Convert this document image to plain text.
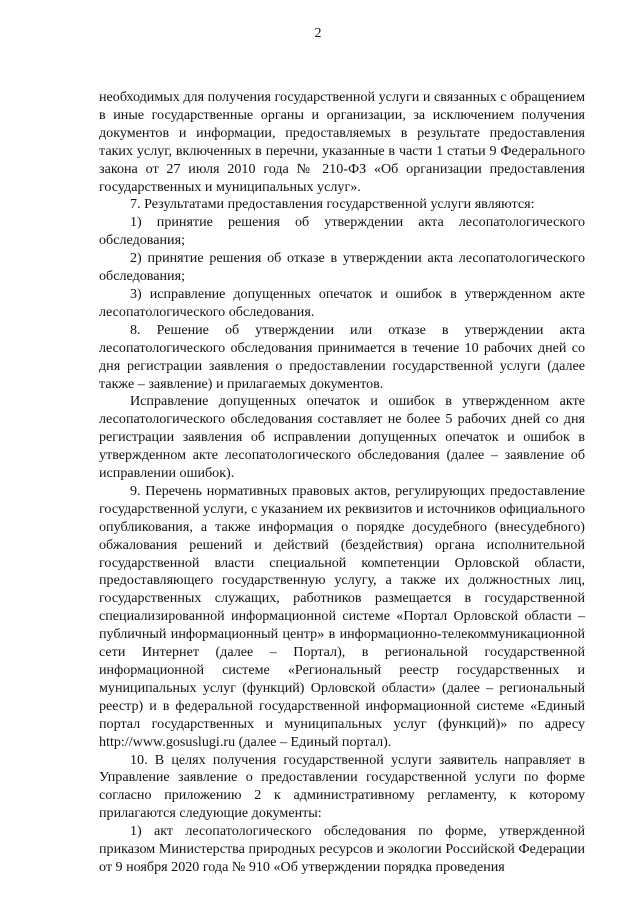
2

необходимых для получения государственной услуги и связанных с обращением в иные государственные органы и организации, за исключением получения документов и информации, предоставляемых в результате предоставления таких услуг, включенных в перечни, указанные в части 1 статьи 9 Федерального закона от 27 июля 2010 года № 210-ФЗ «Об организации предоставления государственных и муниципальных услуг».

7. Результатами предоставления государственной услуги являются:

1) принятие решения об утверждении акта лесопатологического обследования;

2) принятие решения об отказе в утверждении акта лесопатологического обследования;

3) исправление допущенных опечаток и ошибок в утвержденном акте лесопатологического обследования.

8. Решение об утверждении или отказе в утверждении акта лесопатологического обследования принимается в течение 10 рабочих дней со дня регистрации заявления о предоставлении государственной услуги (далее также – заявление) и прилагаемых документов.

Исправление допущенных опечаток и ошибок в утвержденном акте лесопатологического обследования составляет не более 5 рабочих дней со дня регистрации заявления об исправлении допущенных опечаток и ошибок в утвержденном акте лесопатологического обследования (далее – заявление об исправлении ошибок).

9. Перечень нормативных правовых актов, регулирующих предоставление государственной услуги, с указанием их реквизитов и источников официального опубликования, а также информация о порядке досудебного (внесудебного) обжалования решений и действий (бездействия) органа исполнительной государственной власти специальной компетенции Орловской области, предоставляющего государственную услугу, а также их должностных лиц, государственных служащих, работников размещается в государственной специализированной информационной системе «Портал Орловской области – публичный информационный центр» в информационно-телекоммуникационной сети Интернет (далее – Портал), в региональной государственной информационной системе «Региональный реестр государственных и муниципальных услуг (функций) Орловской области» (далее – региональный реестр) и в федеральной государственной информационной системе «Единый портал государственных и муниципальных услуг (функций)» по адресу http://www.gosuslugi.ru (далее – Единый портал).

10. В целях получения государственной услуги заявитель направляет в Управление заявление о предоставлении государственной услуги по форме согласно приложению 2 к административному регламенту, к которому прилагаются следующие документы:

1) акт лесопатологического обследования по форме, утвержденной приказом Министерства природных ресурсов и экологии Российской Федерации от 9 ноября 2020 года № 910 «Об утверждении порядка проведения
